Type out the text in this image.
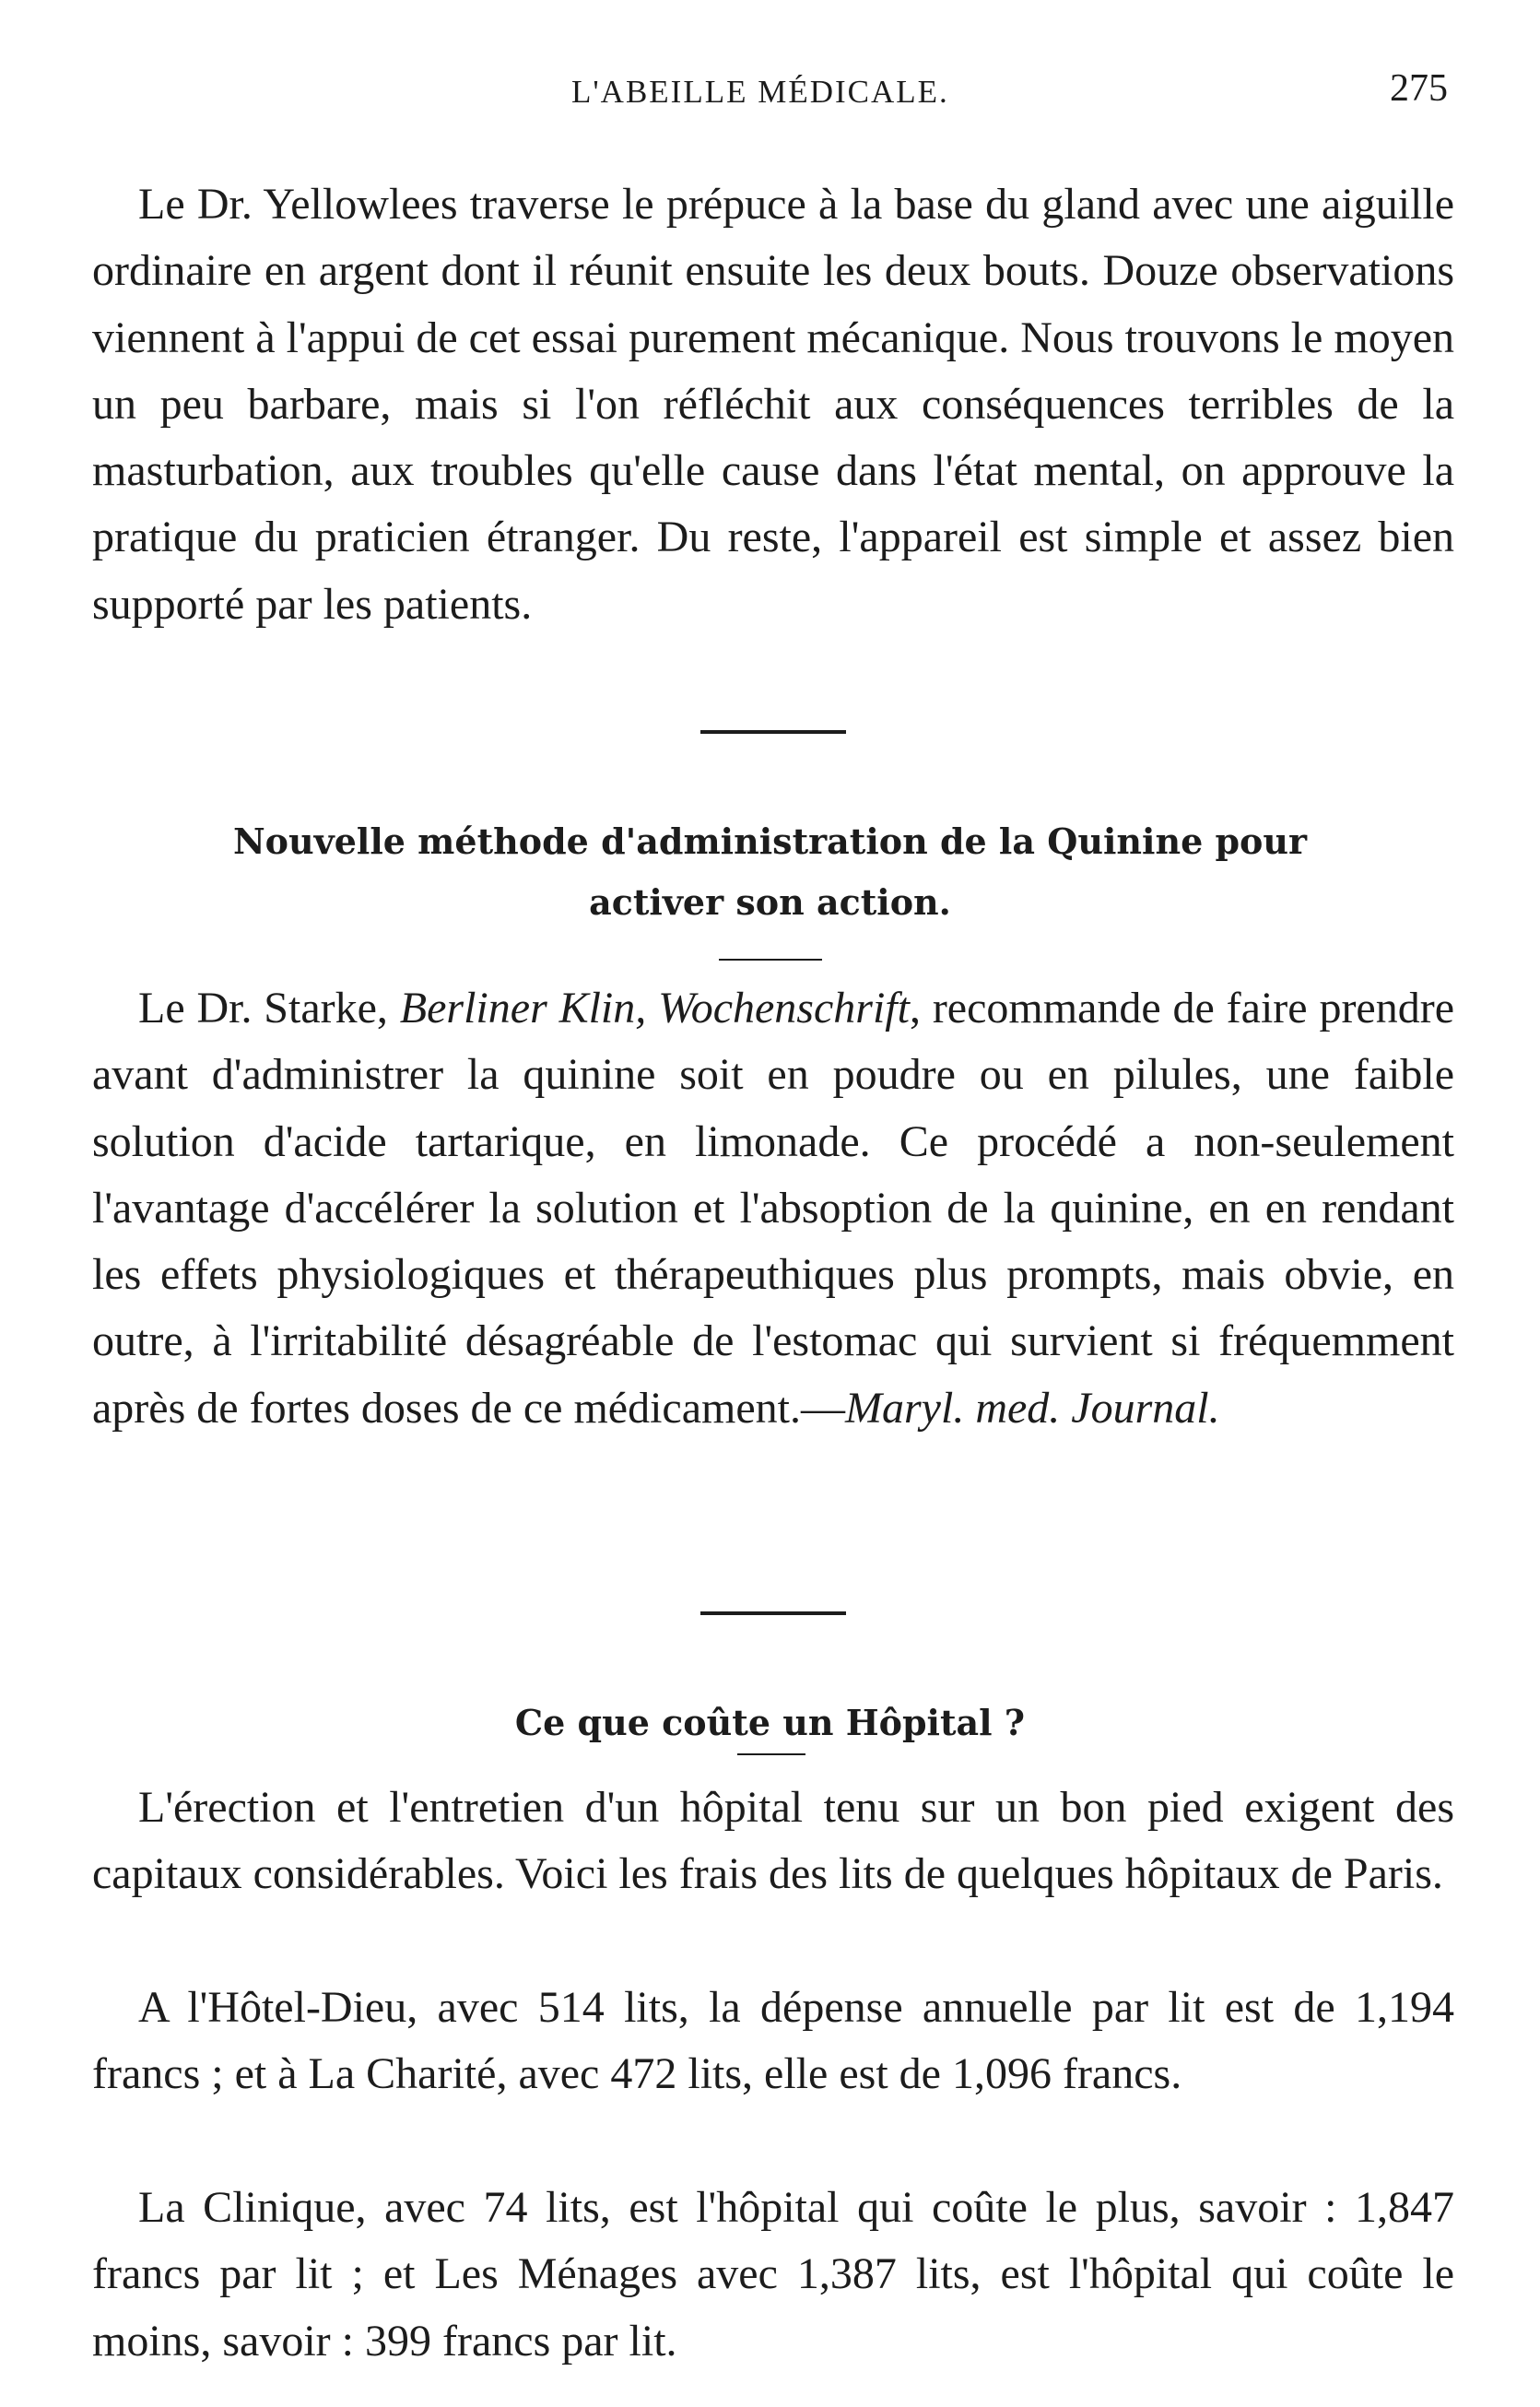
L'ABEILLE MÉDICALE.	275

Le Dr. Yellowlees traverse le prépuce à la base du gland avec une aiguille ordinaire en argent dont il réunit ensuite les deux bouts. Douze observations viennent à l'appui de cet essai purement mécanique. Nous trouvons le moyen un peu barbare, mais si l'on réfléchit aux conséquences terribles de la masturbation, aux troubles qu'elle cause dans l'état mental, on approuve la pratique du praticien étranger. Du reste, l'appareil est simple et assez bien supporté par les patients.

Nouvelle méthode d'administration de la Quinine pour
activer son action.

Le Dr. Starke, Berliner Klin, Wochenschrift, recommande de faire prendre avant d'administrer la quinine soit en poudre ou en pilules, une faible solution d'acide tartarique, en limonade. Ce procédé a non-seulement l'avantage d'accélérer la solution et l'absoption de la quinine, en en rendant les effets physiologiques et thérapeuthiques plus prompts, mais obvie, en outre, à l'irritabilité désagréable de l'estomac qui survient si fréquemment après de fortes doses de ce médicament.—Maryl. med. Journal.

Ce que coûte un Hôpital ?

L'érection et l'entretien d'un hôpital tenu sur un bon pied exigent des capitaux considérables. Voici les frais des lits de quelques hôpitaux de Paris.

A l'Hôtel-Dieu, avec 514 lits, la dépense annuelle par lit est de 1,194 francs ; et à La Charité, avec 472 lits, elle est de 1,096 francs.

La Clinique, avec 74 lits, est l'hôpital qui coûte le plus, savoir : 1,847 francs par lit ; et Les Ménages avec 1,387 lits, est l'hôpital qui coûte le moins, savoir : 399 francs par lit.
